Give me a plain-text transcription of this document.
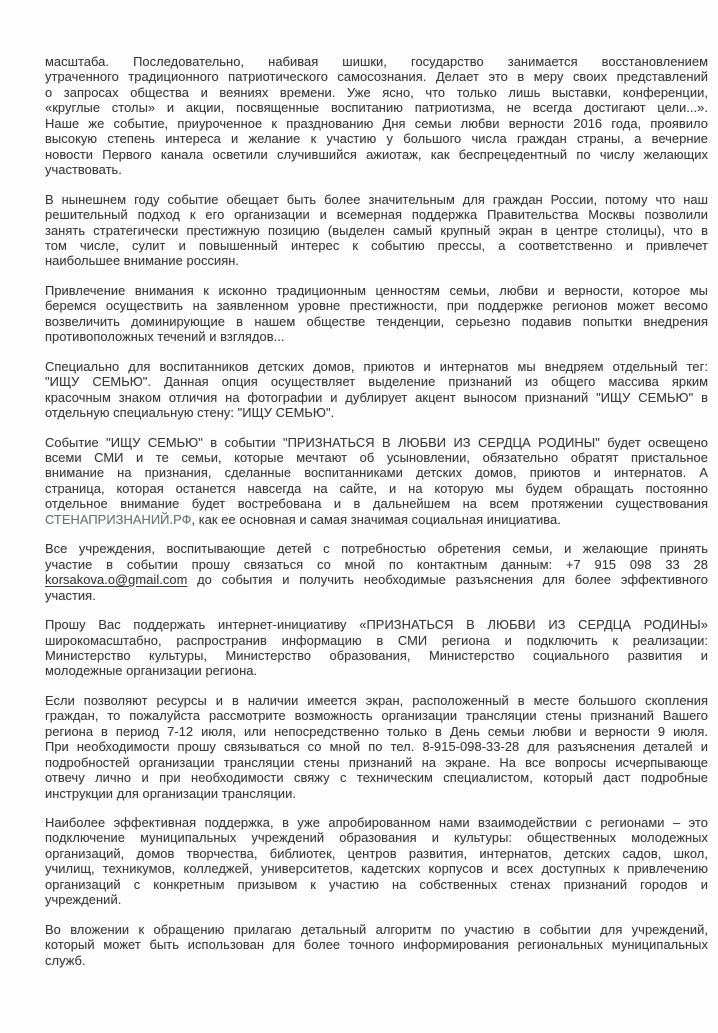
масштаба. Последовательно, набивая шишки, государство занимается восстановлением
утраченного традиционного патриотического самосознания. Делает это в меру своих представлений
о запросах общества и веяниях времени. Уже ясно, что только лишь выставки, конференции,
«круглые столы» и акции, посвященные воспитанию патриотизма, не всегда достигают цели...».
Наше же событие, приуроченное к празднованию Дня семьи любви верности 2016 года, проявило
высокую степень интереса и желание к участию у большого числа граждан страны, а вечерние
новости Первого канала осветили случившийся ажиотаж, как беспрецедентный по числу желающих
участвовать.
В нынешнем году событие обещает быть более значительным для граждан России, потому что наш
решительный подход к его организации и всемерная поддержка Правительства Москвы позволили
занять стратегически престижную позицию (выделен самый крупный экран в центре столицы), что в
том числе, сулит и повышенный интерес к событию прессы, а соответственно и привлечет
наибольшее внимание россиян.
Привлечение внимания к исконно традиционным ценностям семьи, любви и верности, которое мы
беремся осуществить на заявленном уровне престижности, при поддержке регионов может весомо
возвеличить доминирующие в нашем обществе тенденции, серьезно подавив попытки внедрения
противоположных течений и взглядов...
Специально для воспитанников детских домов, приютов и интернатов мы внедряем отдельный тег:
"ИЩУ СЕМЬЮ". Данная опция осуществляет выделение признаний из общего массива ярким
красочным знаком отличия на фотографии и дублирует акцент выносом признаний "ИЩУ СЕМЬЮ" в
отдельную специальную стену: "ИЩУ СЕМЬЮ".
Событие "ИЩУ СЕМЬЮ" в событии "ПРИЗНАТЬСЯ В ЛЮБВИ ИЗ СЕРДЦА РОДИНЫ" будет освещено
всеми СМИ и те семьи, которые мечтают об усыновлении, обязательно обратят пристальное
внимание на признания, сделанные воспитанниками детских домов, приютов и интернатов. А
страница, которая останется навсегда на сайте, и на которую мы будем обращать постоянно
отдельное внимание будет востребована и в дальнейшем на всем протяжении существования
СТЕНАПРИЗНАНИЙ.РФ, как ее основная и самая значимая социальная инициатива.
Все учреждения, воспитывающие детей с потребностью обретения семьи, и желающие принять
участие в событии прошу связаться со мной по контактным данным: +7 915 098 33 28
korsakova.o@gmail.com до события и получить необходимые разъяснения для более эффективного
участия.
Прошу Вас поддержать интернет-инициативу «ПРИЗНАТЬСЯ В ЛЮБВИ ИЗ СЕРДЦА РОДИНЫ»
широкомасштабно, распространив информацию в СМИ региона и подключить к реализации:
Министерство культуры, Министерство образования, Министерство социального развития и
молодежные организации региона.
Если позволяют ресурсы и в наличии имеется экран, расположенный в месте большого скопления
граждан, то пожалуйста рассмотрите возможность организации трансляции стены признаний Вашего
региона в период 7-12 июля, или непосредственно только в День семьи любви и верности 9 июля.
При необходимости прошу связываться со мной по тел. 8-915-098-33-28 для разъяснения деталей и
подробностей организации трансляции стены признаний на экране. На все вопросы исчерпывающе
отвечу лично и при необходимости свяжу с техническим специалистом, который даст подробные
инструкции для организации трансляции.
Наиболее эффективная поддержка, в уже апробированном нами взаимодействии с регионами – это
подключение муниципальных учреждений образования и культуры: общественных молодежных
организаций, домов творчества, библиотек, центров развития, интернатов, детских садов, школ,
училищ, техникумов, колледжей, университетов, кадетских корпусов и всех доступных к привлечению
организаций с конкретным призывом к участию на собственных стенах признаний городов и
учреждений.
Во вложении к обращению прилагаю детальный алгоритм по участию в событии для учреждений,
который может быть использован для более точного информирования региональных муниципальных
служб.
